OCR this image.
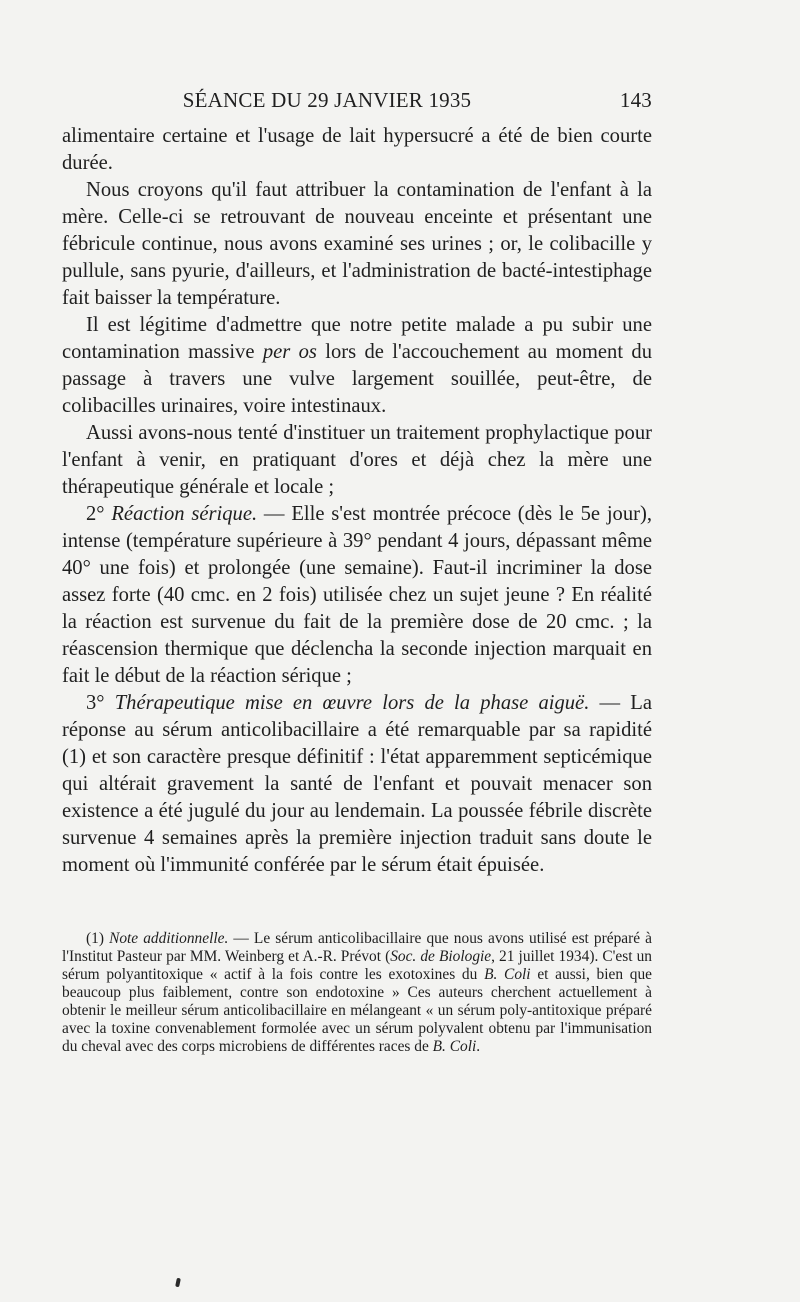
SÉANCE DU 29 JANVIER 1935	143

alimentaire certaine et l'usage de lait hypersucré a été de bien courte durée.

Nous croyons qu'il faut attribuer la contamination de l'enfant à la mère. Celle-ci se retrouvant de nouveau enceinte et présentant une fébricule continue, nous avons examiné ses urines ; or, le colibacille y pullule, sans pyurie, d'ailleurs, et l'administration de bacté-intestiphage fait baisser la température.

Il est légitime d'admettre que notre petite malade a pu subir une contamination massive per os lors de l'accouchement au moment du passage à travers une vulve largement souillée, peut-être, de colibacilles urinaires, voire intestinaux.

Aussi avons-nous tenté d'instituer un traitement prophylactique pour l'enfant à venir, en pratiquant d'ores et déjà chez la mère une thérapeutique générale et locale ;

2° Réaction sérique. — Elle s'est montrée précoce (dès le 5e jour), intense (température supérieure à 39° pendant 4 jours, dépassant même 40° une fois) et prolongée (une semaine). Faut-il incriminer la dose assez forte (40 cmc. en 2 fois) utilisée chez un sujet jeune ? En réalité la réaction est survenue du fait de la première dose de 20 cmc. ; la réascension thermique que déclencha la seconde injection marquait en fait le début de la réaction sérique ;

3° Thérapeutique mise en œuvre lors de la phase aiguë. — La réponse au sérum anticolibacillaire a été remarquable par sa rapidité (1) et son caractère presque définitif : l'état apparemment septicémique qui altérait gravement la santé de l'enfant et pouvait menacer son existence a été jugulé du jour au lendemain. La poussée fébrile discrète survenue 4 semaines après la première injection traduit sans doute le moment où l'immunité conférée par le sérum était épuisée.

(1) Note additionnelle. — Le sérum anticolibacillaire que nous avons utilisé est préparé à l'Institut Pasteur par MM. Weinberg et A.-R. Prévot (Soc. de Biologie, 21 juillet 1934). C'est un sérum polyantitoxique « actif à la fois contre les exotoxines du B. Coli et aussi, bien que beaucoup plus faiblement, contre son endotoxine » Ces auteurs cherchent actuellement à obtenir le meilleur sérum anticolibacillaire en mélangeant « un sérum poly-antitoxique préparé avec la toxine convenablement formolée avec un sérum polyvalent obtenu par l'immunisation du cheval avec des corps microbiens de différentes races de B. Coli.
